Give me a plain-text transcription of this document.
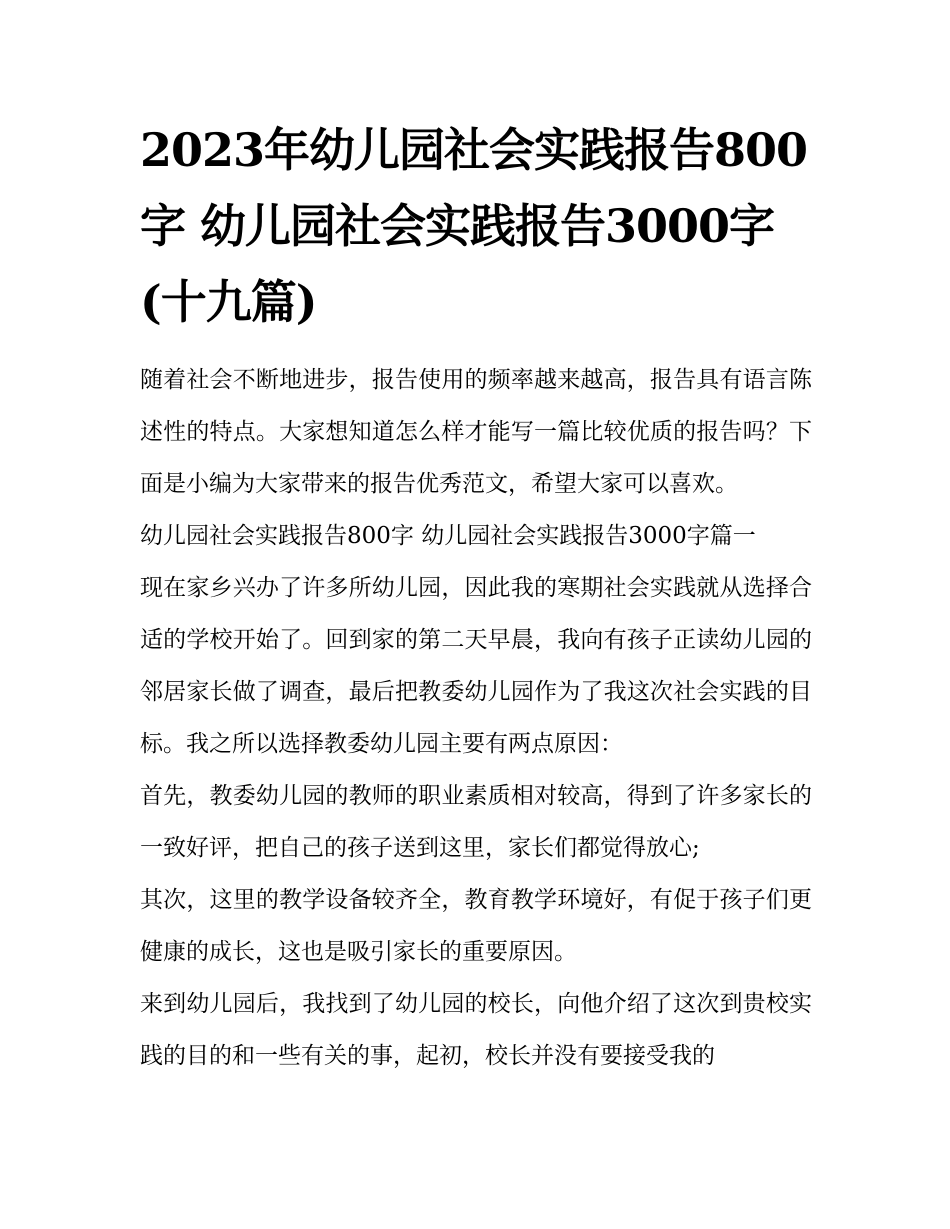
2023年幼儿园社会实践报告800字 幼儿园社会实践报告3000字(十九篇)

随着社会不断地进步，报告使用的频率越来越高，报告具有语言陈述性的特点。大家想知道怎么样才能写一篇比较优质的报告吗？下面是小编为大家带来的报告优秀范文，希望大家可以喜欢。

幼儿园社会实践报告800字 幼儿园社会实践报告3000字篇一

现在家乡兴办了许多所幼儿园，因此我的寒期社会实践就从选择合适的学校开始了。回到家的第二天早晨，我向有孩子正读幼儿园的邻居家长做了调查，最后把教委幼儿园作为了我这次社会实践的目标。我之所以选择教委幼儿园主要有两点原因：

首先，教委幼儿园的教师的职业素质相对较高，得到了许多家长的一致好评，把自己的孩子送到这里，家长们都觉得放心;

其次，这里的教学设备较齐全，教育教学环境好，有促于孩子们更健康的成长，这也是吸引家长的重要原因。

来到幼儿园后，我找到了幼儿园的校长，向他介绍了这次到贵校实践的目的和一些有关的事，起初，校长并没有要接受我的
